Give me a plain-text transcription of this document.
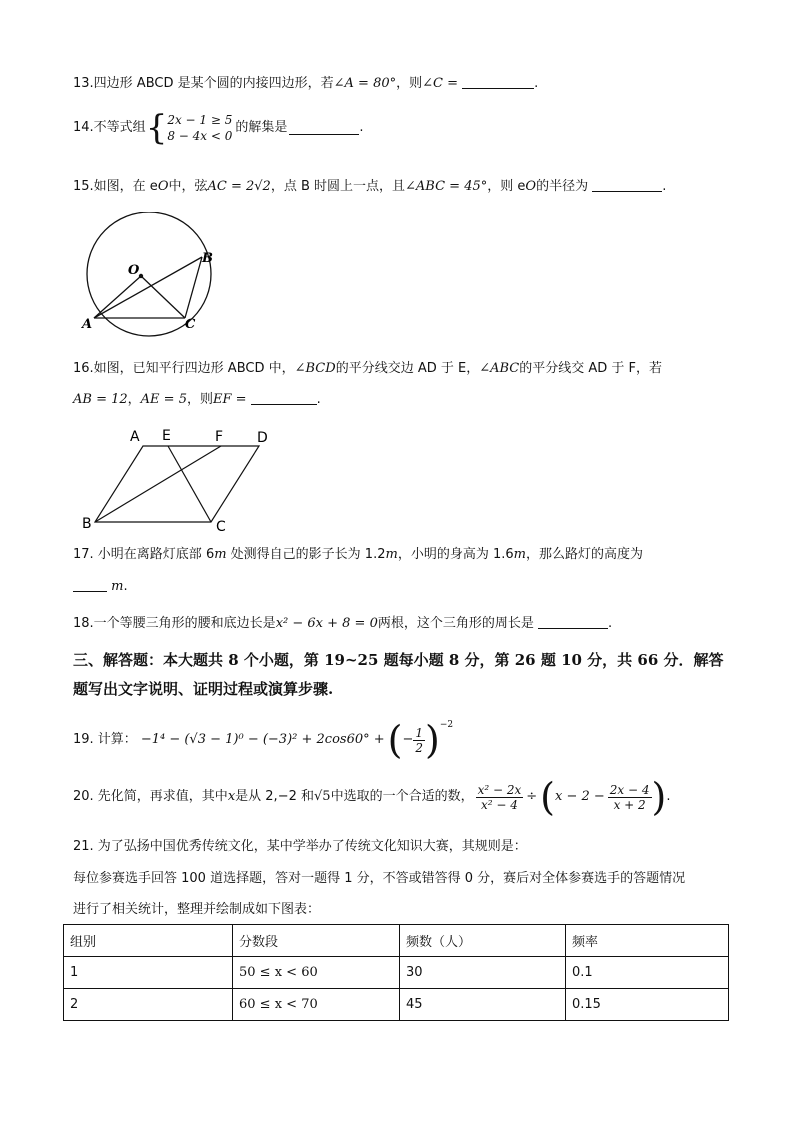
13.四边形 ABCD 是某个圆的内接四边形，若∠A = 80°，则∠C =	.
14.不等式组 { 2x − 1 ≥ 5
8 − 4x < 0
的解集是	.
15.如图，在 eO中，弦AC = 2√2，点 B 时圆上一点，且∠ABC = 45°，则 eO的半径为	.
O
B
A	C
16.如图，已知平行四边形 ABCD 中，∠BCD的平分线交边 AD 于 E，∠ABC的平分线交 AD 于 F，若
AB = 12，AE = 5，则EF =	.
A E	F D
B	C
17. 小明在离路灯底部 6m 处测得自己的影子长为 1.2m，小明的身高为 1.6m，那么路灯的高度为
m.
18.一个等腰三角形的腰和底边长是x² − 6x + 8 = 0两根，这个三角形的周长是	.
三、解答题：本大题共 8 个小题，第 19~25 题每小题 8 分，第 26 题 10 分，共 66 分．解答
题写出文字说明、证明过程或演算步骤.
19. 计算： −1⁴ − (√3 − 1)⁰ − (−3)² + 2cos60° + ( − $\frac{1}{2}$ ) −2
20. 先化简，再求值，其中 x 是从 2,−2 和 √5 中选取的一个合适的数， $\frac{\text{x² − 2x}}{\text{x² − 4}}$ ÷ ( $x - 2 - \frac{2x - 4}{x + 2}$ ) .
21. 为了弘扬中国优秀传统文化，某中学举办了传统文化知识大赛，其规则是：
每位参赛选手回答 100 道选择题，答对一题得 1 分，不答或错答得 0 分，赛后对全体参赛选手的答题情况
进行了相关统计，整理并绘制成如下图表：
组别	分数段	频数（人）	频率
1	50 ≤ x < 60	30	0.1
2	60 ≤ x < 70	45	0.15
